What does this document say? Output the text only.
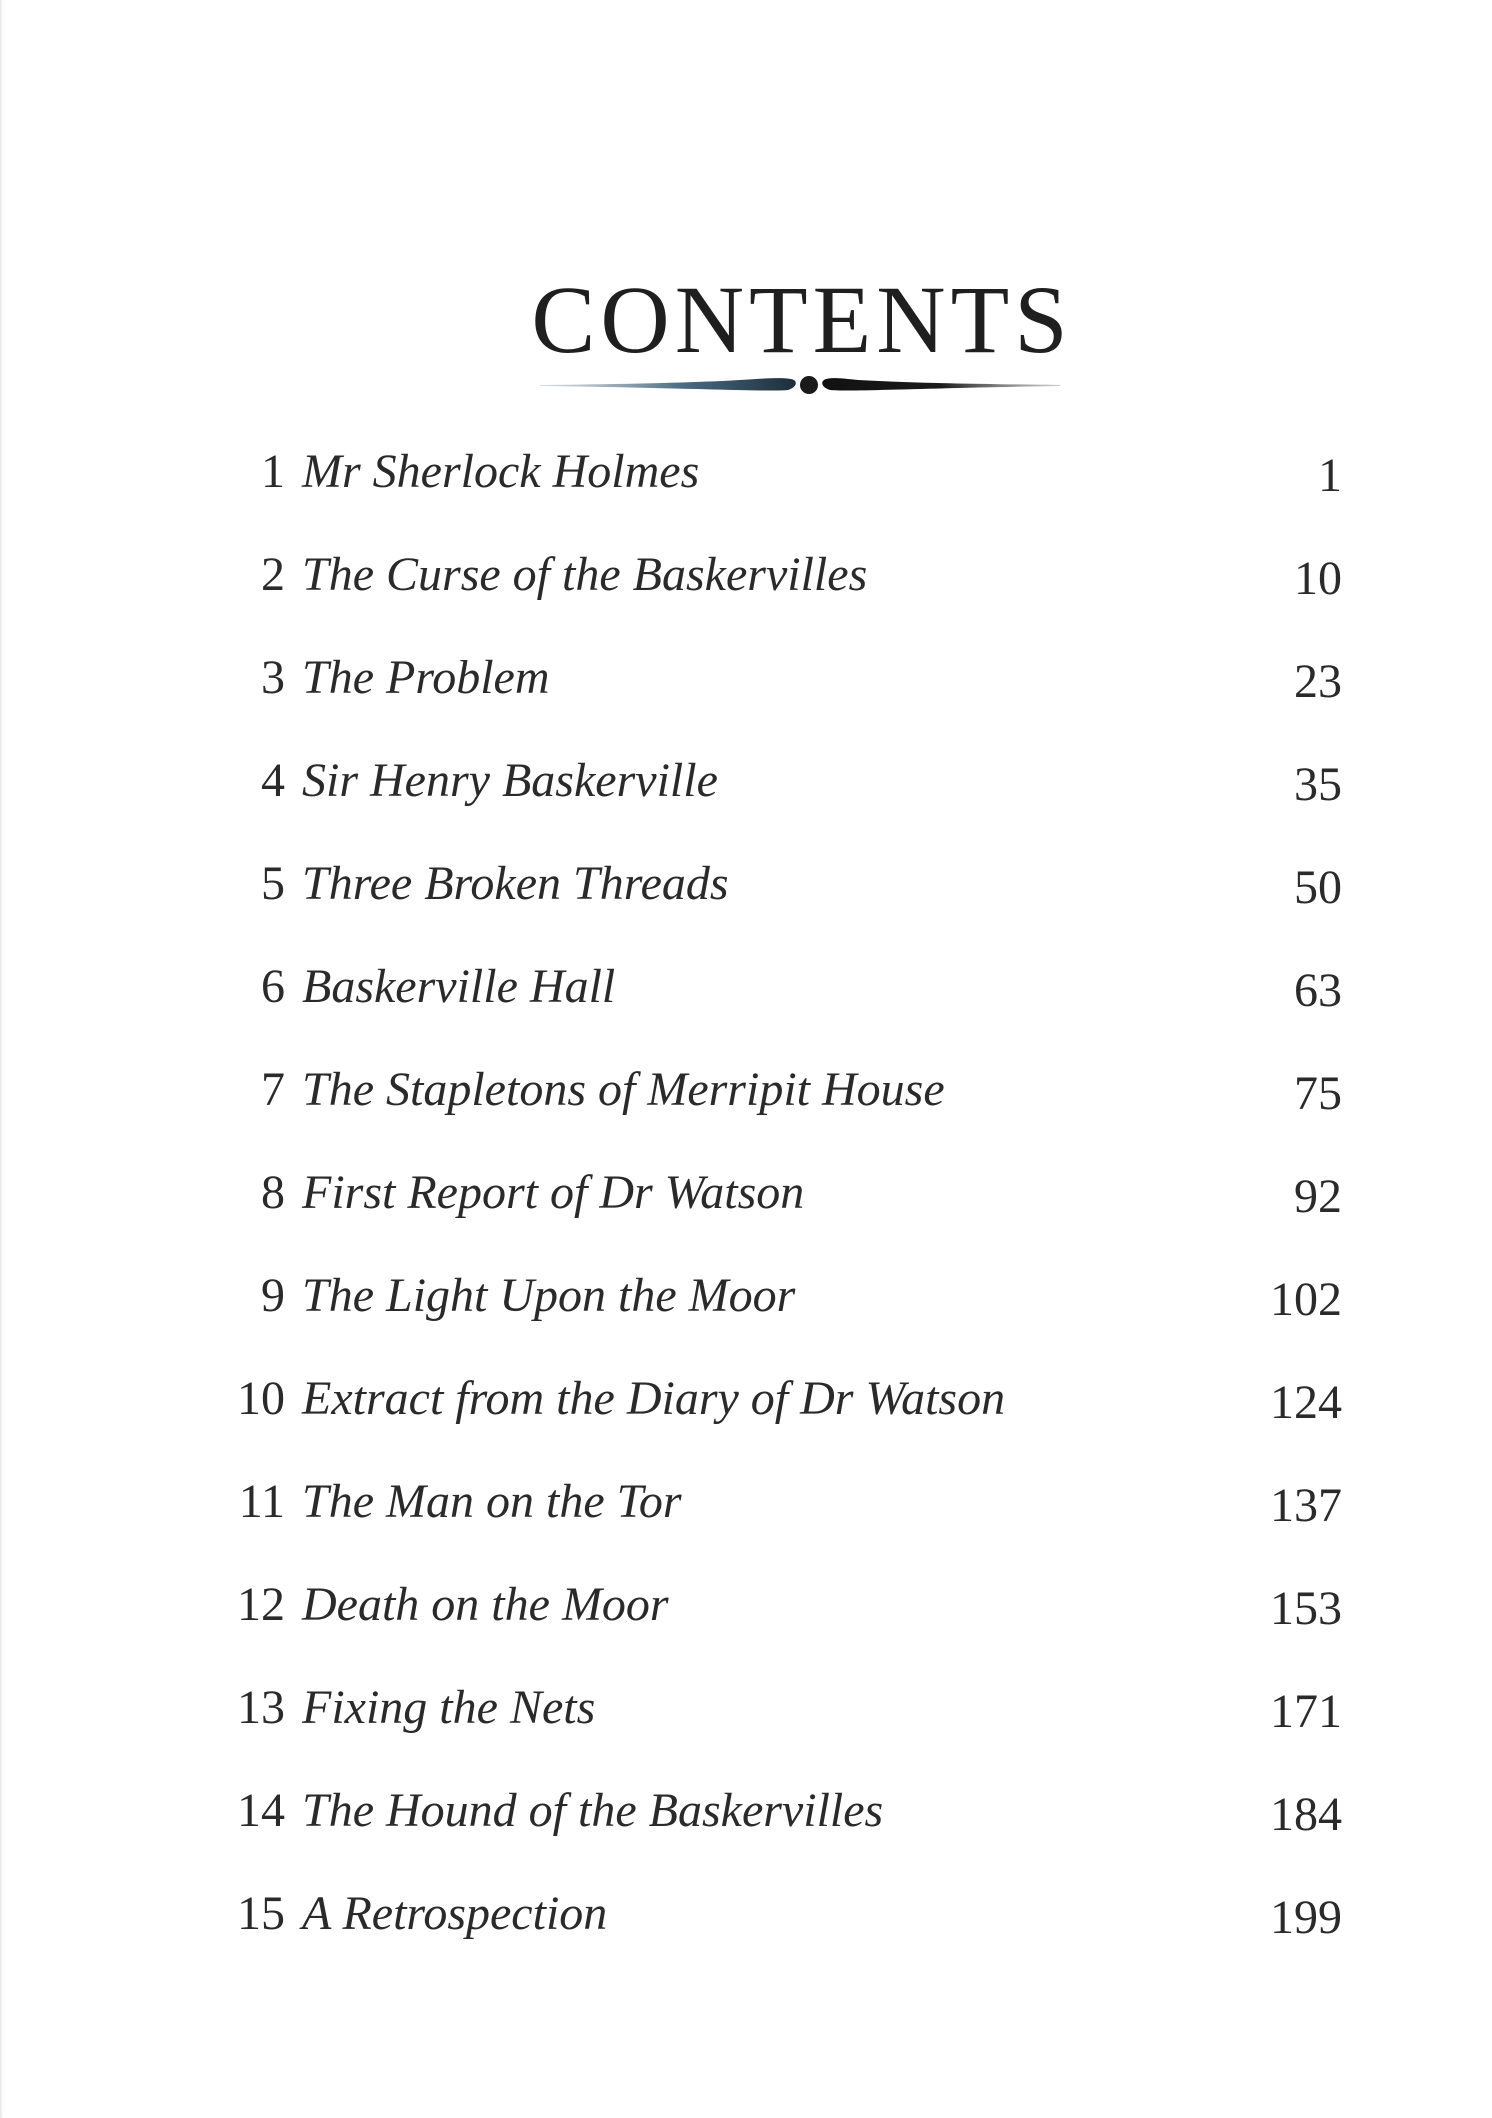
CONTENTS
1 Mr Sherlock Holmes	1
2 The Curse of the Baskervilles	10
3 The Problem	23
4 Sir Henry Baskerville	35
5 Three Broken Threads	50
6 Baskerville Hall	63
7 The Stapletons of Merripit House	75
8 First Report of Dr Watson	92
9 The Light Upon the Moor	102
10 Extract from the Diary of Dr Watson	124
11 The Man on the Tor	137
12 Death on the Moor	153
13 Fixing the Nets	171
14 The Hound of the Baskervilles	184
15 A Retrospection	199
